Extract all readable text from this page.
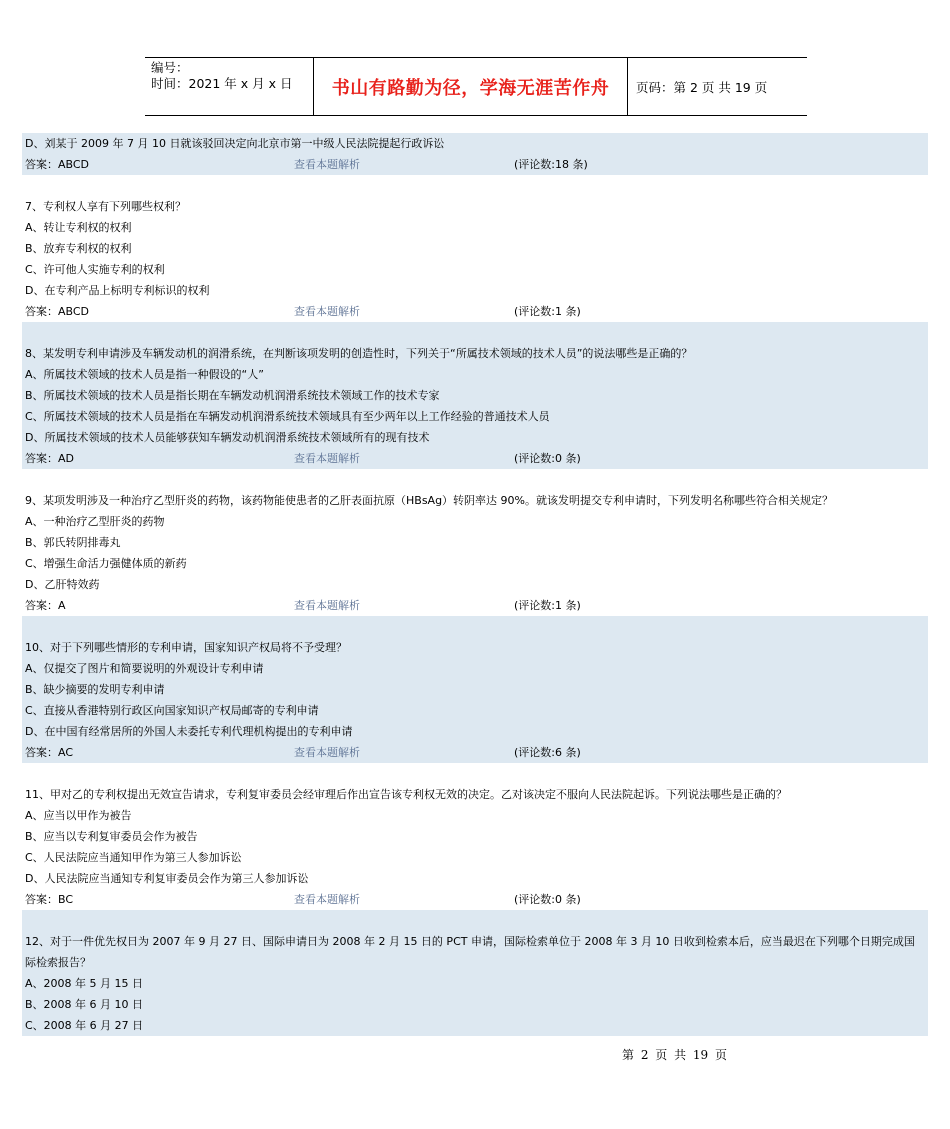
编号：
时间：2021 年 x 月 x 日	书山有路勤为径，学海无涯苦作舟	页码：第 2 页 共 19 页
D、刘某于 2009 年 7 月 10 日就该驳回决定向北京市第一中级人民法院提起行政诉讼
答案：ABCD	查看本题解析	(评论数:18 条)
7、专利权人享有下列哪些权利？
A、转让专利权的权利
B、放弃专利权的权利
C、许可他人实施专利的权利
D、在专利产品上标明专利标识的权利
答案：ABCD	查看本题解析	(评论数:1 条)
8、某发明专利申请涉及车辆发动机的润滑系统，在判断该项发明的创造性时，下列关于“所属技术领域的技术人员”的说法哪些是正确的？
A、所属技术领域的技术人员是指一种假设的“人”
B、所属技术领域的技术人员是指长期在车辆发动机润滑系统技术领域工作的技术专家
C、所属技术领域的技术人员是指在车辆发动机润滑系统技术领域具有至少两年以上工作经验的普通技术人员
D、所属技术领域的技术人员能够获知车辆发动机润滑系统技术领域所有的现有技术
答案：AD	查看本题解析	(评论数:0 条)
9、某项发明涉及一种治疗乙型肝炎的药物，该药物能使患者的乙肝表面抗原（HBsAg）转阴率达 90%。就该发明提交专利申请时，下列发明名称哪些符合相关规定？
A、一种治疗乙型肝炎的药物
B、郭氏转阴排毒丸
C、增强生命活力强健体质的新药
D、乙肝特效药
答案：A	查看本题解析	(评论数:1 条)
10、对于下列哪些情形的专利申请，国家知识产权局将不予受理？
A、仅提交了图片和简要说明的外观设计专利申请
B、缺少摘要的发明专利申请
C、直接从香港特别行政区向国家知识产权局邮寄的专利申请
D、在中国有经常居所的外国人未委托专利代理机构提出的专利申请
答案：AC	查看本题解析	(评论数:6 条)
11、甲对乙的专利权提出无效宣告请求，专利复审委员会经审理后作出宣告该专利权无效的决定。乙对该决定不服向人民法院起诉。下列说法哪些是正确的？
A、应当以甲作为被告
B、应当以专利复审委员会作为被告
C、人民法院应当通知甲作为第三人参加诉讼
D、人民法院应当通知专利复审委员会作为第三人参加诉讼
答案：BC	查看本题解析	(评论数:0 条)
12、对于一件优先权日为 2007 年 9 月 27 日、国际申请日为 2008 年 2 月 15 日的 PCT 申请，国际检索单位于 2008 年 3 月 10 日收到检索本后，应当最迟在下列哪个日期完成国际检索报告？
A、2008 年 5 月 15 日
B、2008 年 6 月 10 日
C、2008 年 6 月 27 日
第 2 页 共 19 页
